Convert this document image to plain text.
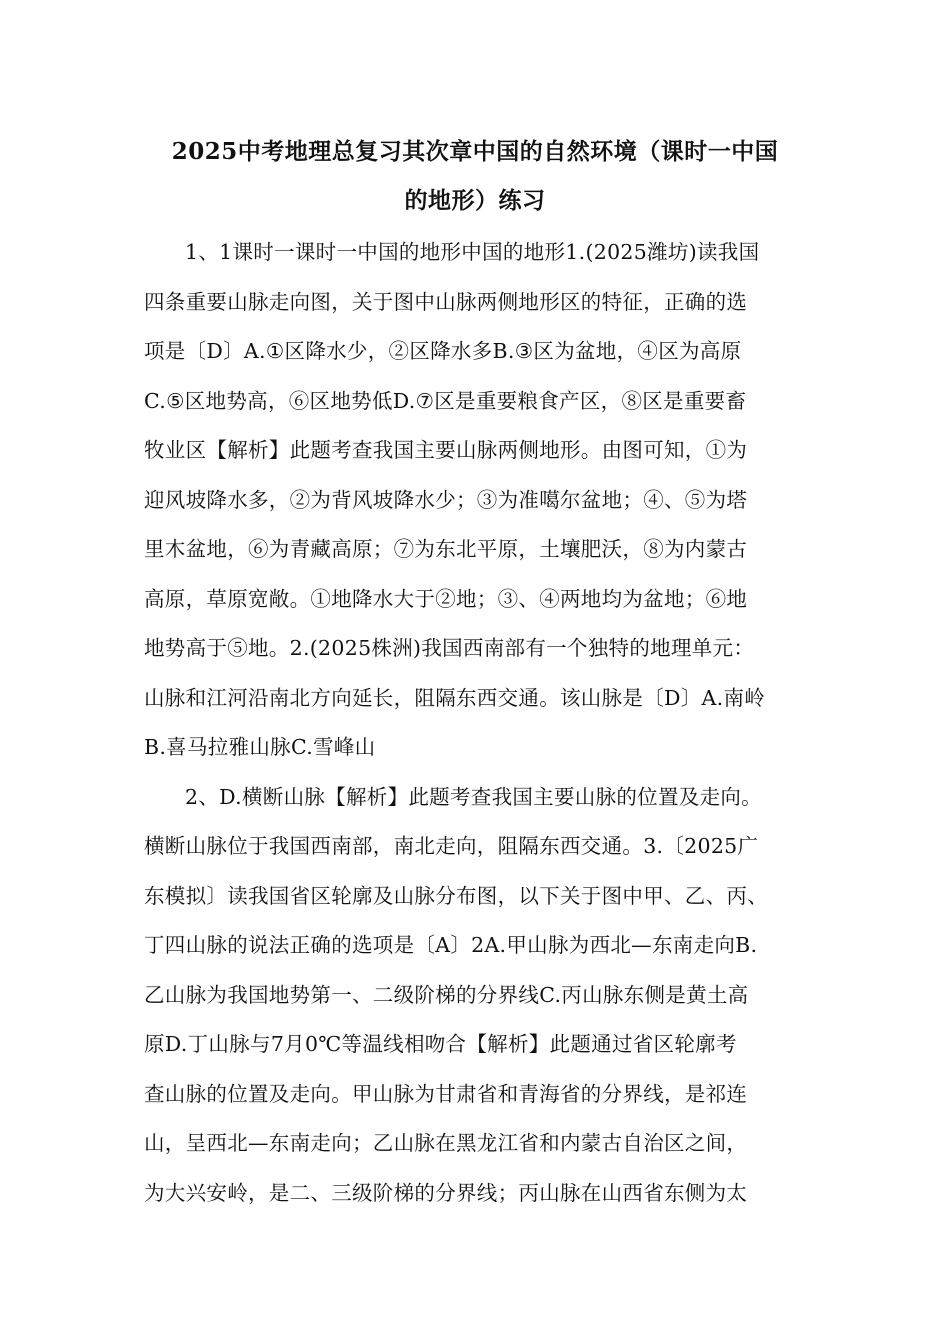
2025中考地理总复习其次章中国的自然环境（课时一中国
的地形）练习
1、1课时一课时一中国的地形中国的地形1.(2025潍坊)读我国
四条重要山脉走向图，关于图中山脉两侧地形区的特征，正确的选
项是〔D〕A.①区降水少，②区降水多B.③区为盆地，④区为高原
C.⑤区地势高，⑥区地势低D.⑦区是重要粮食产区，⑧区是重要畜
牧业区【解析】此题考查我国主要山脉两侧地形。由图可知，①为
迎风坡降水多，②为背风坡降水少；③为准噶尔盆地；④、⑤为塔
里木盆地，⑥为青藏高原；⑦为东北平原，土壤肥沃，⑧为内蒙古
高原，草原宽敞。①地降水大于②地；③、④两地均为盆地；⑥地
地势高于⑤地。2.(2025株洲)我国西南部有一个独特的地理单元：
山脉和江河沿南北方向延长，阻隔东西交通。该山脉是〔D〕A.南岭
B.喜马拉雅山脉C.雪峰山
2、D.横断山脉【解析】此题考查我国主要山脉的位置及走向。
横断山脉位于我国西南部，南北走向，阻隔东西交通。3.〔2025广
东模拟〕读我国省区轮廓及山脉分布图，以下关于图中甲、乙、丙、
丁四山脉的说法正确的选项是〔A〕2A.甲山脉为西北—东南走向B.
乙山脉为我国地势第一、二级阶梯的分界线C.丙山脉东侧是黄土高
原D.丁山脉与7月0℃等温线相吻合【解析】此题通过省区轮廓考
查山脉的位置及走向。甲山脉为甘肃省和青海省的分界线，是祁连
山，呈西北—东南走向；乙山脉在黑龙江省和内蒙古自治区之间，
为大兴安岭，是二、三级阶梯的分界线；丙山脉在山西省东侧为太
